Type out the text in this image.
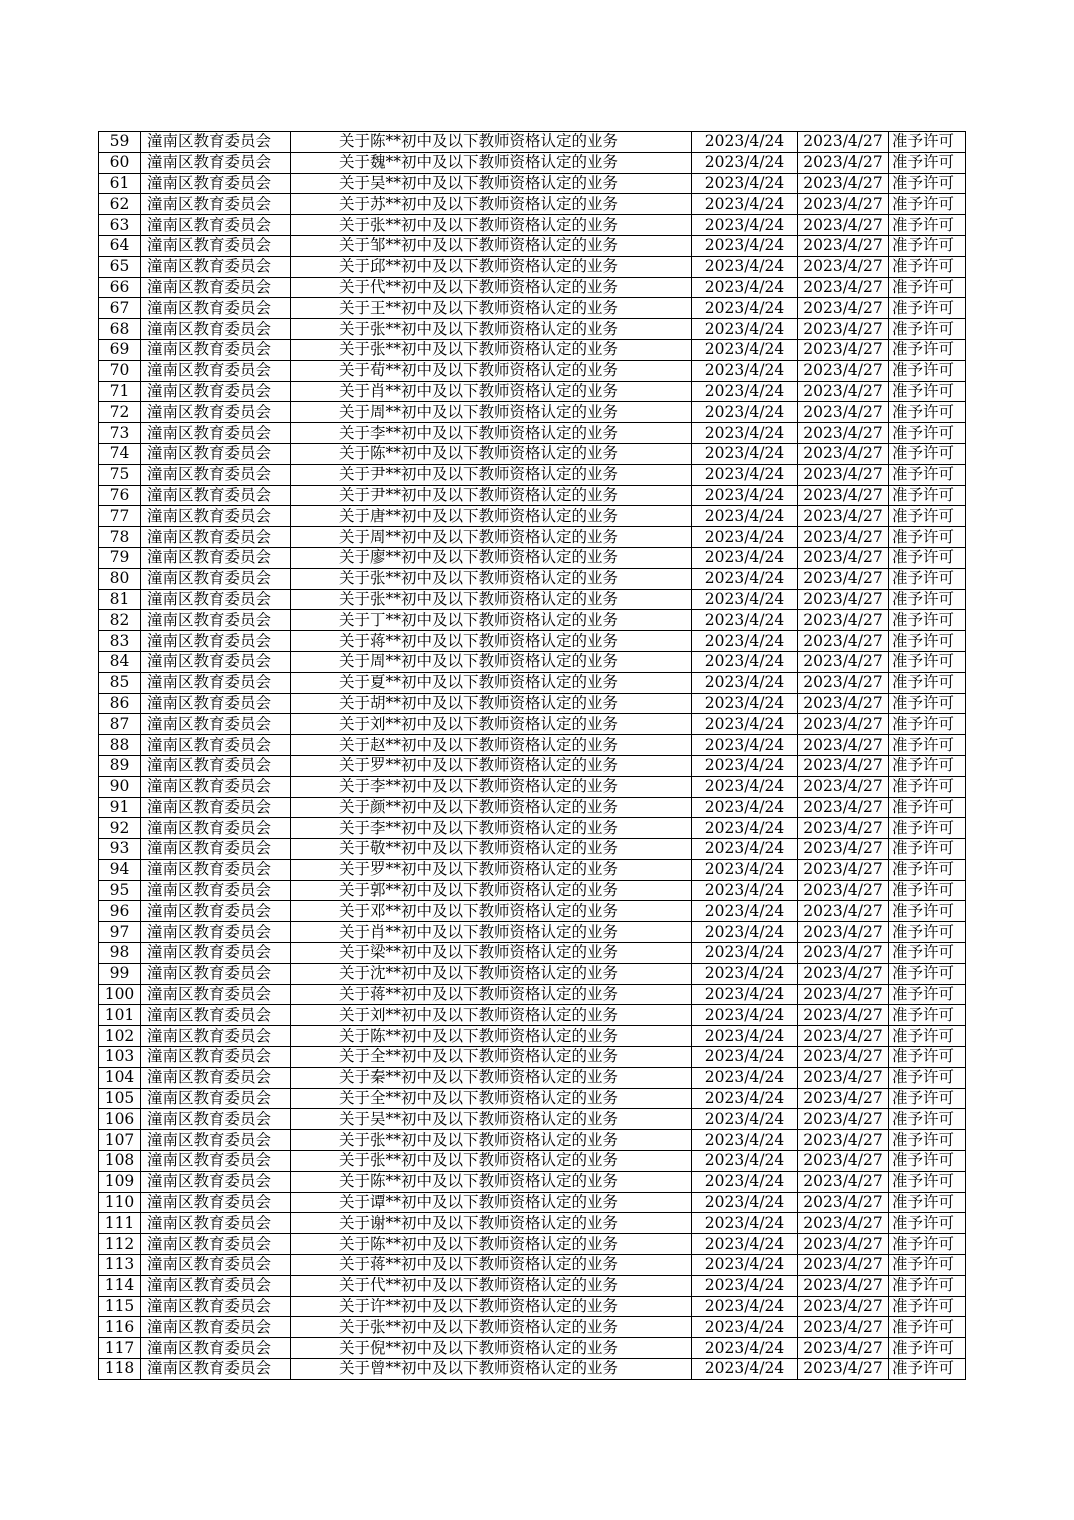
59	潼南区教育委员会	关于陈**初中及以下教师资格认定的业务	2023/4/24	2023/4/27	准予许可
60	潼南区教育委员会	关于魏**初中及以下教师资格认定的业务	2023/4/24	2023/4/27	准予许可
61	潼南区教育委员会	关于吴**初中及以下教师资格认定的业务	2023/4/24	2023/4/27	准予许可
62	潼南区教育委员会	关于苏**初中及以下教师资格认定的业务	2023/4/24	2023/4/27	准予许可
63	潼南区教育委员会	关于张**初中及以下教师资格认定的业务	2023/4/24	2023/4/27	准予许可
64	潼南区教育委员会	关于邹**初中及以下教师资格认定的业务	2023/4/24	2023/4/27	准予许可
65	潼南区教育委员会	关于邱**初中及以下教师资格认定的业务	2023/4/24	2023/4/27	准予许可
66	潼南区教育委员会	关于代**初中及以下教师资格认定的业务	2023/4/24	2023/4/27	准予许可
67	潼南区教育委员会	关于王**初中及以下教师资格认定的业务	2023/4/24	2023/4/27	准予许可
68	潼南区教育委员会	关于张**初中及以下教师资格认定的业务	2023/4/24	2023/4/27	准予许可
69	潼南区教育委员会	关于张**初中及以下教师资格认定的业务	2023/4/24	2023/4/27	准予许可
70	潼南区教育委员会	关于荀**初中及以下教师资格认定的业务	2023/4/24	2023/4/27	准予许可
71	潼南区教育委员会	关于肖**初中及以下教师资格认定的业务	2023/4/24	2023/4/27	准予许可
72	潼南区教育委员会	关于周**初中及以下教师资格认定的业务	2023/4/24	2023/4/27	准予许可
73	潼南区教育委员会	关于李**初中及以下教师资格认定的业务	2023/4/24	2023/4/27	准予许可
74	潼南区教育委员会	关于陈**初中及以下教师资格认定的业务	2023/4/24	2023/4/27	准予许可
75	潼南区教育委员会	关于尹**初中及以下教师资格认定的业务	2023/4/24	2023/4/27	准予许可
76	潼南区教育委员会	关于尹**初中及以下教师资格认定的业务	2023/4/24	2023/4/27	准予许可
77	潼南区教育委员会	关于唐**初中及以下教师资格认定的业务	2023/4/24	2023/4/27	准予许可
78	潼南区教育委员会	关于周**初中及以下教师资格认定的业务	2023/4/24	2023/4/27	准予许可
79	潼南区教育委员会	关于廖**初中及以下教师资格认定的业务	2023/4/24	2023/4/27	准予许可
80	潼南区教育委员会	关于张**初中及以下教师资格认定的业务	2023/4/24	2023/4/27	准予许可
81	潼南区教育委员会	关于张**初中及以下教师资格认定的业务	2023/4/24	2023/4/27	准予许可
82	潼南区教育委员会	关于丁**初中及以下教师资格认定的业务	2023/4/24	2023/4/27	准予许可
83	潼南区教育委员会	关于蒋**初中及以下教师资格认定的业务	2023/4/24	2023/4/27	准予许可
84	潼南区教育委员会	关于周**初中及以下教师资格认定的业务	2023/4/24	2023/4/27	准予许可
85	潼南区教育委员会	关于夏**初中及以下教师资格认定的业务	2023/4/24	2023/4/27	准予许可
86	潼南区教育委员会	关于胡**初中及以下教师资格认定的业务	2023/4/24	2023/4/27	准予许可
87	潼南区教育委员会	关于刘**初中及以下教师资格认定的业务	2023/4/24	2023/4/27	准予许可
88	潼南区教育委员会	关于赵**初中及以下教师资格认定的业务	2023/4/24	2023/4/27	准予许可
89	潼南区教育委员会	关于罗**初中及以下教师资格认定的业务	2023/4/24	2023/4/27	准予许可
90	潼南区教育委员会	关于李**初中及以下教师资格认定的业务	2023/4/24	2023/4/27	准予许可
91	潼南区教育委员会	关于颜**初中及以下教师资格认定的业务	2023/4/24	2023/4/27	准予许可
92	潼南区教育委员会	关于李**初中及以下教师资格认定的业务	2023/4/24	2023/4/27	准予许可
93	潼南区教育委员会	关于敬**初中及以下教师资格认定的业务	2023/4/24	2023/4/27	准予许可
94	潼南区教育委员会	关于罗**初中及以下教师资格认定的业务	2023/4/24	2023/4/27	准予许可
95	潼南区教育委员会	关于郭**初中及以下教师资格认定的业务	2023/4/24	2023/4/27	准予许可
96	潼南区教育委员会	关于邓**初中及以下教师资格认定的业务	2023/4/24	2023/4/27	准予许可
97	潼南区教育委员会	关于肖**初中及以下教师资格认定的业务	2023/4/24	2023/4/27	准予许可
98	潼南区教育委员会	关于梁**初中及以下教师资格认定的业务	2023/4/24	2023/4/27	准予许可
99	潼南区教育委员会	关于沈**初中及以下教师资格认定的业务	2023/4/24	2023/4/27	准予许可
100	潼南区教育委员会	关于蒋**初中及以下教师资格认定的业务	2023/4/24	2023/4/27	准予许可
101	潼南区教育委员会	关于刘**初中及以下教师资格认定的业务	2023/4/24	2023/4/27	准予许可
102	潼南区教育委员会	关于陈**初中及以下教师资格认定的业务	2023/4/24	2023/4/27	准予许可
103	潼南区教育委员会	关于全**初中及以下教师资格认定的业务	2023/4/24	2023/4/27	准予许可
104	潼南区教育委员会	关于秦**初中及以下教师资格认定的业务	2023/4/24	2023/4/27	准予许可
105	潼南区教育委员会	关于全**初中及以下教师资格认定的业务	2023/4/24	2023/4/27	准予许可
106	潼南区教育委员会	关于吴**初中及以下教师资格认定的业务	2023/4/24	2023/4/27	准予许可
107	潼南区教育委员会	关于张**初中及以下教师资格认定的业务	2023/4/24	2023/4/27	准予许可
108	潼南区教育委员会	关于张**初中及以下教师资格认定的业务	2023/4/24	2023/4/27	准予许可
109	潼南区教育委员会	关于陈**初中及以下教师资格认定的业务	2023/4/24	2023/4/27	准予许可
110	潼南区教育委员会	关于谭**初中及以下教师资格认定的业务	2023/4/24	2023/4/27	准予许可
111	潼南区教育委员会	关于谢**初中及以下教师资格认定的业务	2023/4/24	2023/4/27	准予许可
112	潼南区教育委员会	关于陈**初中及以下教师资格认定的业务	2023/4/24	2023/4/27	准予许可
113	潼南区教育委员会	关于蒋**初中及以下教师资格认定的业务	2023/4/24	2023/4/27	准予许可
114	潼南区教育委员会	关于代**初中及以下教师资格认定的业务	2023/4/24	2023/4/27	准予许可
115	潼南区教育委员会	关于许**初中及以下教师资格认定的业务	2023/4/24	2023/4/27	准予许可
116	潼南区教育委员会	关于张**初中及以下教师资格认定的业务	2023/4/24	2023/4/27	准予许可
117	潼南区教育委员会	关于倪**初中及以下教师资格认定的业务	2023/4/24	2023/4/27	准予许可
118	潼南区教育委员会	关于曾**初中及以下教师资格认定的业务	2023/4/24	2023/4/27	准予许可
